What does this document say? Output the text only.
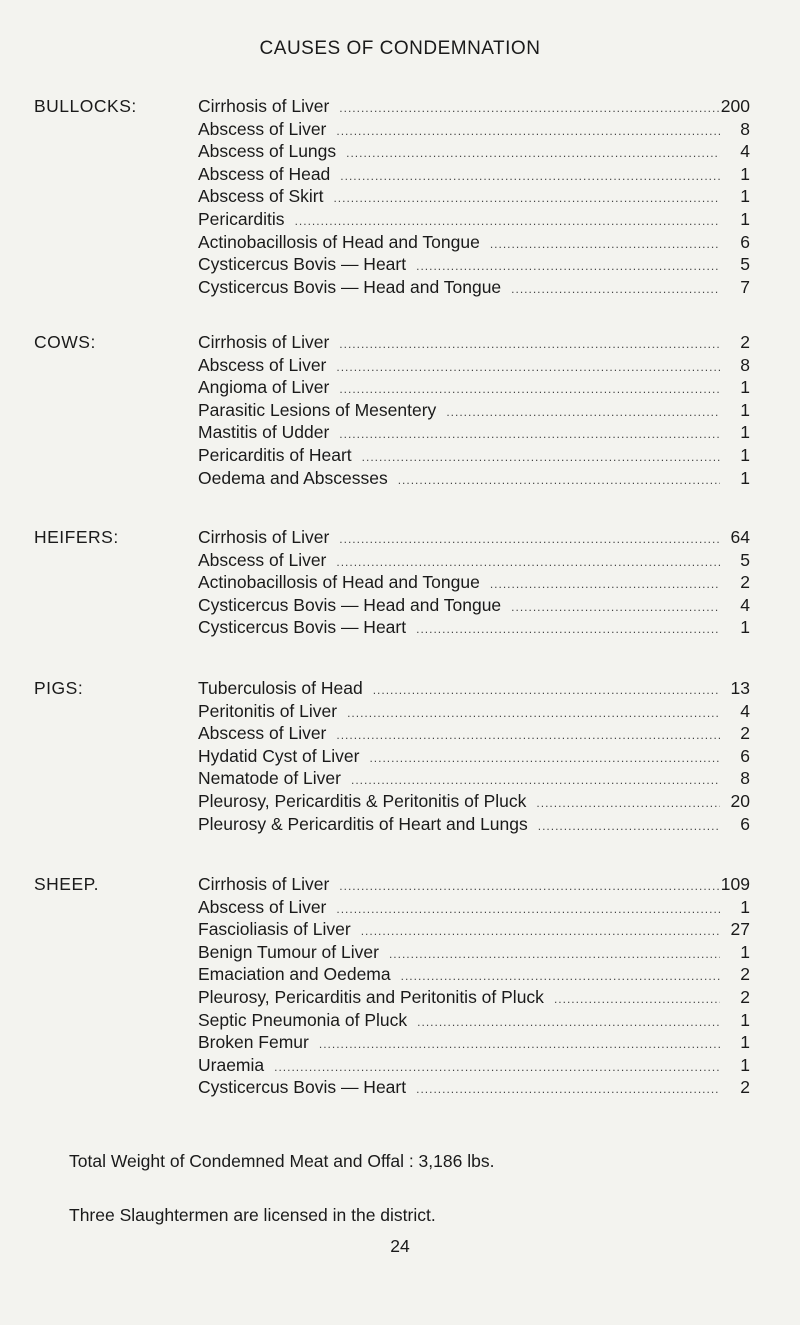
CAUSES OF CONDEMNATION
BULLOCKS:	Cirrhosis of Liver .....	200
Abscess of Liver .....	8
Abscess of Lungs .....	4
Abscess of Head .....	1
Abscess of Skirt .....	1
Pericarditis .....	1
Actinobacillosis of Head and Tongue .....	6
Cysticercus Bovis — Heart .....	5
Cysticercus Bovis — Head and Tongue .....	7
COWS:	Cirrhosis of Liver .....	2
Abscess of Liver .....	8
Angioma of Liver .....	1
Parasitic Lesions of Mesentery .....	1
Mastitis of Udder .....	1
Pericarditis of Heart .....	1
Oedema and Abscesses .....	1
HEIFERS:	Cirrhosis of Liver .....	64
Abscess of Liver .....	5
Actinobacillosis of Head and Tongue .....	2
Cysticercus Bovis — Head and Tongue .....	4
Cysticercus Bovis — Heart .....	1
PIGS:	Tuberculosis of Head .....	13
Peritonitis of Liver .....	4
Abscess of Liver .....	2
Hydatid Cyst of Liver .....	6
Nematode of Liver .....	8
Pleurosy, Pericarditis & Peritonitis of Pluck .....	20
Pleurosy & Pericarditis of Heart and Lungs .....	6
SHEEP.	Cirrhosis of Liver .....	109
Abscess of Liver .....	1
Fascioliasis of Liver .....	27
Benign Tumour of Liver .....	1
Emaciation and Oedema .....	2
Pleurosy, Pericarditis and Peritonitis of Pluck .....	2
Septic Pneumonia of Pluck .....	1
Broken Femur .....	1
Uraemia .....	1
Cysticercus Bovis — Heart .....	2
Total Weight of Condemned Meat and Offal : 3,186 lbs.
Three Slaughtermen are licensed in the district.
24
